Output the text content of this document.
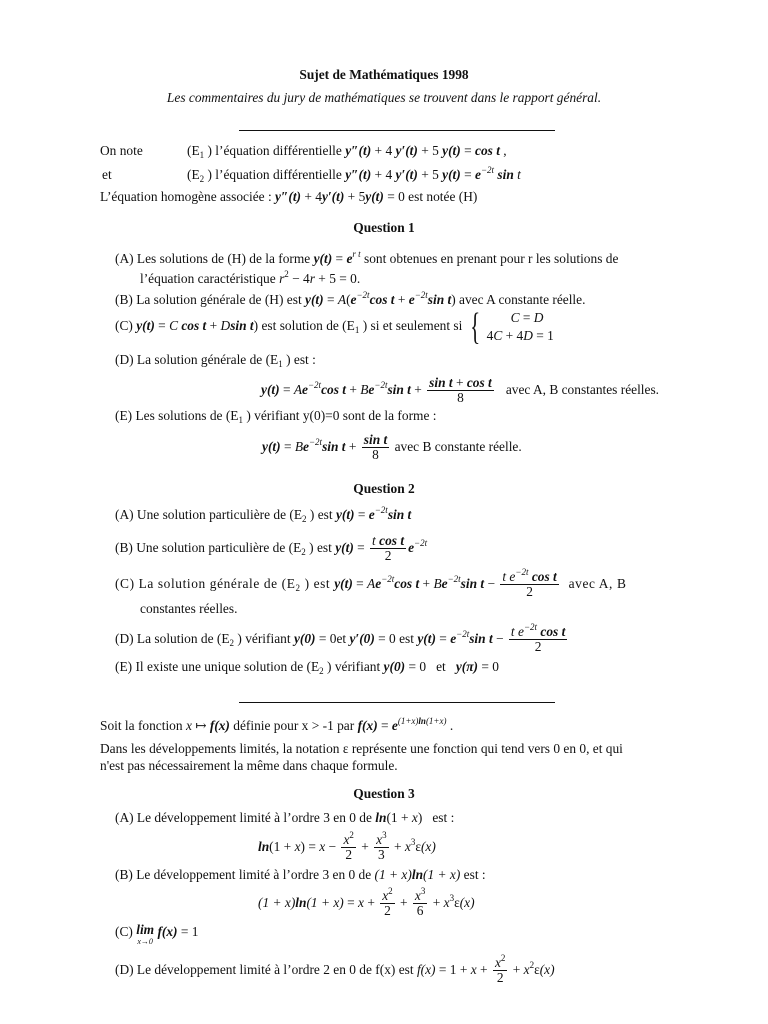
Sujet de Mathématiques 1998
Les commentaires du jury de mathématiques se trouvent dans le rapport général.
On note	($E_1$ ) l’équation différentielle y″(t) + 4 y′(t) + 5 y(t) = cos t ,
et	($E_2$ ) l’équation différentielle y″(t) + 4 y′(t) + 5 $y(t) = e^{-2t}$ sin t
L’équation homogène associée : y″(t) + 4y′(t) + 5y(t) = 0 est notée (H)
Question 1
(A) Les solutions de (H) de la forme $y(t) = e^{r t}$ sont obtenues en prenant pour r les solutions de
l’équation caractéristique $r^2 - 4r + 5 = 0$.
(B) La solution générale de (H) est $y(t) = A(e^{-2t}\cos$ $t + e^{-2t}\sin$ t) avec A constante réelle.
(C) y(t) = C cos t + Dsin t) est solution de ($E_1$ ) si et seulement si {	C = D
4C + 4D = 1
(D) La solution générale de ($E_1$ ) est :
$y(t) = Ae^{-2t}\cos$ $t + Be^{-2t}\sin$ $t + \frac{\text{sin t + cos t}}{8}$ avec A, B constantes réelles.
(E) Les solutions de ($E_1$ ) vérifiant y(0)=0 sont de la forme :
$y(t) = Be^{-2t}\sin$ $t + \frac{\text{sin t}}{8}$ avec B constante réelle.
Question 2
(A) Une solution particulière de ($E_2$ ) est $y(t) = e^{-2t}\sin$ t
(B) Une solution particulière de ($E_2$ ) est $y(t) = \frac{\text{t cos t}}{2} e^{-2t}$
(C) La solution générale de ($E_2$ ) est $y(t) = Ae^{-2t}\cos$ $t + Be^{-2t}\sin$ $t - \frac{t e^{-2t} \cos t}{2}$ avec A, B
constantes réelles.
(D) La solution de ($E_2$ ) vérifiant y(0) = 0et y′(0) = 0 est $y(t) = e^{-2t}\sin$ $t - \frac{t e^{-2t} \cos t}{2}$
(E) Il existe une unique solution de ($E_2$ ) vérifiant y(0) = 0   et y(π) = 0
Soit la fonction x ↦ f(x) définie pour x > -1 par $f(x) = e^{(1+x)ln(1+x)}$ .
Dans les développements limités, la notation ε représente une fonction qui tend vers 0 en 0, et qui
n'est pas nécessairement la même dans chaque formule.
Question 3
(A) Le développement limité à l’ordre 3 en 0 de ln(1 + x)   est :
$\ln(1 + x) = x - \frac{x^2}{2} + \frac{x^3}{3} + x^3\varepsilon(x)$
(B) Le développement limité à l’ordre 3 en 0 de (1 + x)ln(1 + x) est :
$(1 + x)\ln(1 + x) = x + \frac{x^2}{2} + \frac{x^3}{6} + x^3\varepsilon(x)$
(C) lim
x→0
f(x) = 1
(D) Le développement limité à l’ordre 2 en 0 de f(x) est $f(x) = 1 + x + \frac{x^2}{2} + x^2\varepsilon(x)$
